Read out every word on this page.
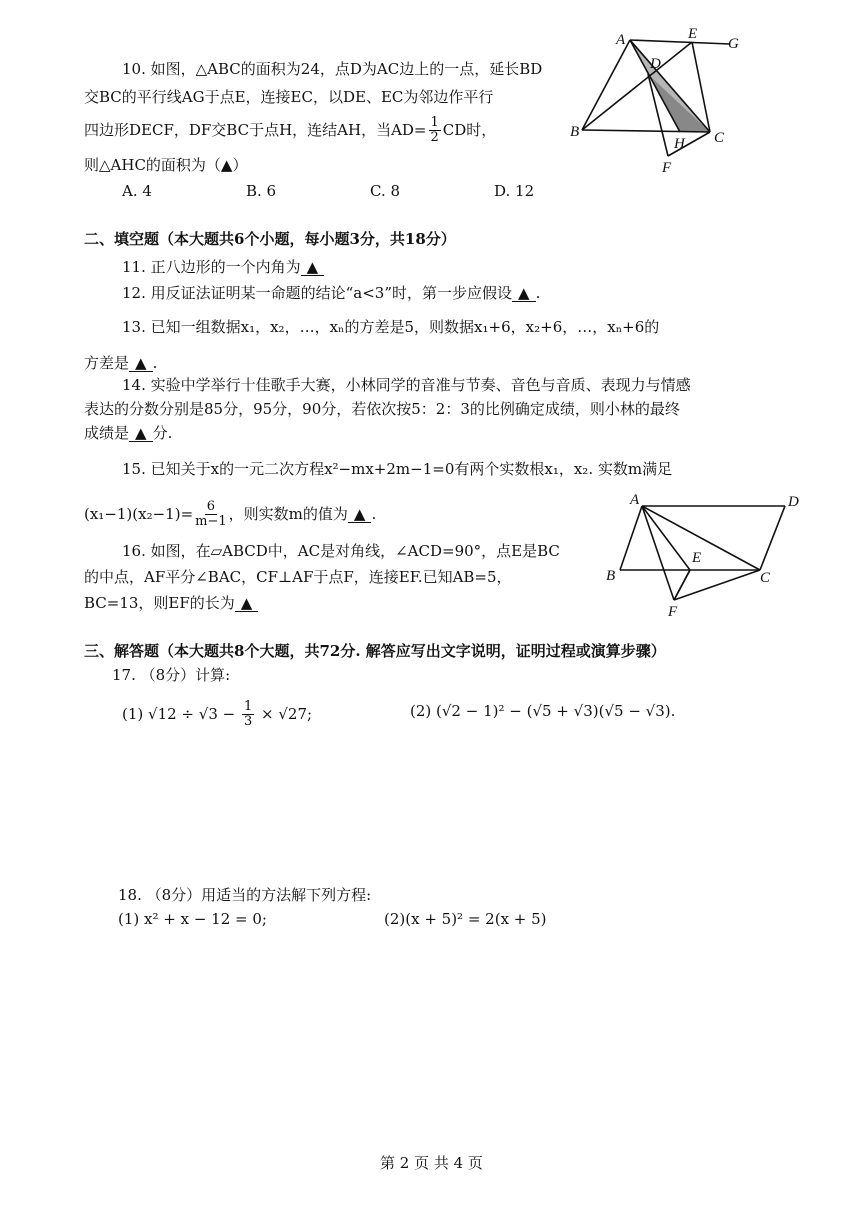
10. 如图，△ABC的面积为24，点D为AC边上的一点，延长BD
交BC的平行线AG于点E，连接EC，以DE、EC为邻边作平行
四边形DECF，DF交BC于点H，连结AH，当$AD= \frac{1}{2}$ CD时，
则△AHC的面积为（▲）
A. 4	B. 6	C. 8	D. 12
A	E
G
D
B
H C
F
二、填空题（本大题共6个小题，每小题3分，共18分）
11. 正八边形的一个内角为 ▲
12. 用反证法证明某一命题的结论“a<3”时，第一步应假设 ▲ .
13. 已知一组数据x₁，x₂，…，xₙ的方差是5，则数据x₁+6，x₂+6，…，xₙ+6的
方差是 ▲ .
14. 实验中学举行十佳歌手大赛，小林同学的音准与节奏、音色与音质、表现力与情感
表达的分数分别是85分，95分，90分，若依次按5：2：3的比例确定成绩，则小林的最终
成绩是 ▲ 分.
15. 已知关于x的一元二次方程x²−mx+2m−1=0有两个实数根x₁，x₂. 实数m满足
$(x_1-1)(x_2-1)= \frac{6}{m-1}$ ，则实数m的值为 ▲ .
16. 如图，在▱ABCD中，AC是对角线，∠ACD=90°，点E是BC
的中点，AF平分∠BAC，CF⊥AF于点F，连接EF.已知AB=5，
BC=13，则EF的长为 ▲
A	D
E
B	C
F
三、解答题（本大题共8个大题，共72分. 解答应写出文字说明，证明过程或演算步骤）
17. （8分）计算:
(1) $√12 \div √3 - \frac{1}{3} \times √27$;	(2) (√2 − 1)² − (√5 + √3)(√5 − √3).
18. （8分）用适当的方法解下列方程:
(1) x² + x − 12 = 0;	(2)(x + 5)² = 2(x + 5)
第 2 页 共 4 页
